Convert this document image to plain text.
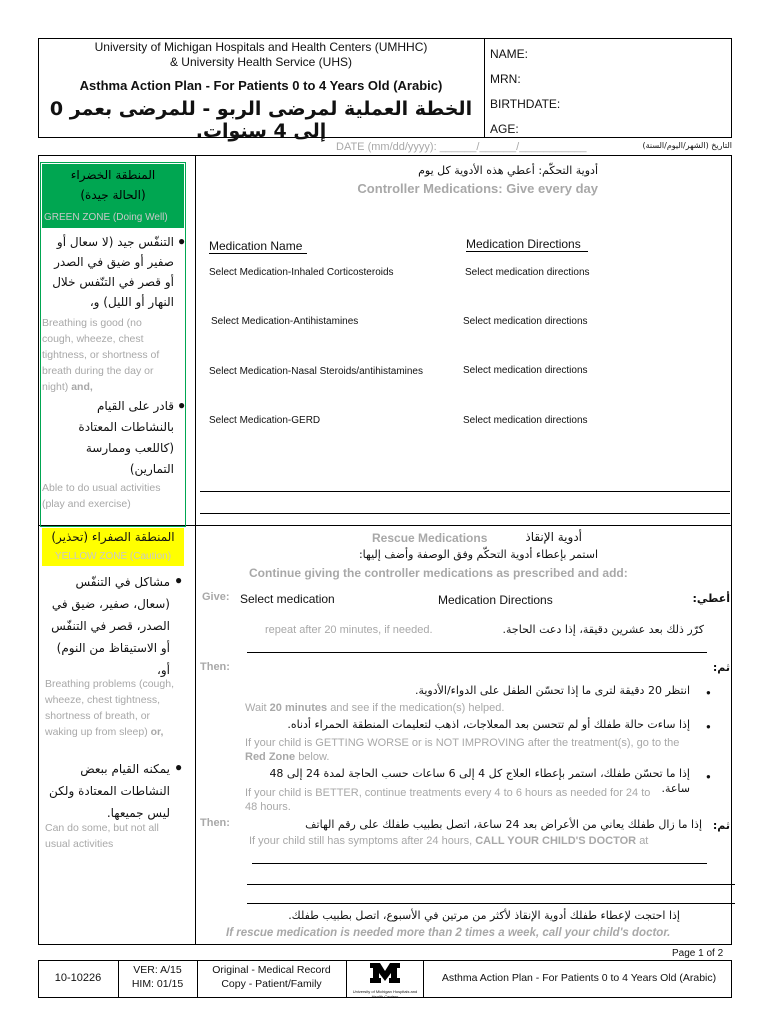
University of Michigan Hospitals and Health Centers (UMHHC)
& University Health Service (UHS)
Asthma Action Plan - For Patients 0 to 4 Years Old (Arabic)
الخطة العملية لمرضى الربو - للمرضى بعمر 0 إلى 4 سنوات.
NAME:
MRN:
BIRTHDATE:
AGE:
DATE (mm/dd/yyyy): ______/______/___________	التاريخ (الشهر/اليوم/السنة)
المنطقة الخضراء
(الحالة جيدة)
GREEN ZONE (Doing Well)
●
التنفّس جيد (لا سعال أو صفير أو ضيق في الصدر أو قصر في التنّفس خلال النهار أو الليل) و،
Breathing is good (no cough, wheeze, chest tightness, or shortness of breath during the day or night) and,
●
قادر على القيام بالنشاطات المعتادة (كاللعب وممارسة التمارين)
Able to do usual activities (play and exercise)
أدوية التحكّم: أعطي هذه الأدوية كل يوم
Controller Medications: Give every day
Medication Name	Medication Directions
Select Medication-Inhaled Corticosteroids	Select medication directions
Select Medication-Antihistamines	Select medication directions
Select Medication-Nasal Steroids/antihistamines	Select medication directions
Select Medication-GERD	Select medication directions
المنطقة الصفراء (تحذير)
YELLOW ZONE (Caution)
●
مشاكل في التنفّس (سعال، صفير، ضيق في الصدر، قصر في التنفّس أو الاستيقاظ من النوم) أو،
Breathing problems (cough, wheeze, chest tightness, shortness of breath, or waking up from sleep) or,
●
يمكنه القيام ببعض النشاطات المعتادة ولكن ليس جميعها.
Can do some, but not all usual activities
Rescue Medications	أدوية الإنقاذ
استمر بإعطاء أدوية التحكّم وفق الوصفة وأضف إليها:
Continue giving the controller medications as prescribed and add:
Give: Select medication	Medication Directions	أعطي:
repeat after 20 minutes, if needed.	كرّر ذلك بعد عشرين دقيقة، إذا دعت الحاجة.
Then:	ثم:
●
انتظر 20 دقيقة لترى ما إذا تحسّن الطفل على الدواء/الأدوية.
Wait 20 minutes and see if the medication(s) helped.
●
إذا ساءت حالة طفلك أو لم تتحسن بعد المعلاجات، اذهب لتعليمات المنطقة الحمراء أدناه.
If your child is GETTING WORSE or is NOT IMPROVING after the treatment(s), go to the Red Zone below.
●
إذا ما تحسّن طفلك، استمر بإعطاء العلاج كل 4 إلى 6 ساعات حسب الحاجة لمدة 24 إلى 48 ساعة.
If your child is BETTER, continue treatments every 4 to 6 hours as needed for 24 to 48 hours.
Then:	ثم:
إذا ما زال طفلك يعاني من الأعراض بعد 24 ساعة، اتصل بطبيب طفلك على رقم الهاتف
If your child still has symptoms after 24 hours, CALL YOUR CHILD'S DOCTOR at
إذا احتجت لإعطاء طفلك أدوية الإنقاذ لأكثر من مرتين في الأسبوع، اتصل بطبيب طفلك.
If rescue medication is needed more than 2 times a week, call your child's doctor.
Page 1 of 2
10-10226
VER: A/15
HIM: 01/15
Original - Medical Record
Copy - Patient/Family
University of Michigan Hospitals and Health Centers
Asthma Action Plan - For Patients 0 to 4 Years Old (Arabic)
